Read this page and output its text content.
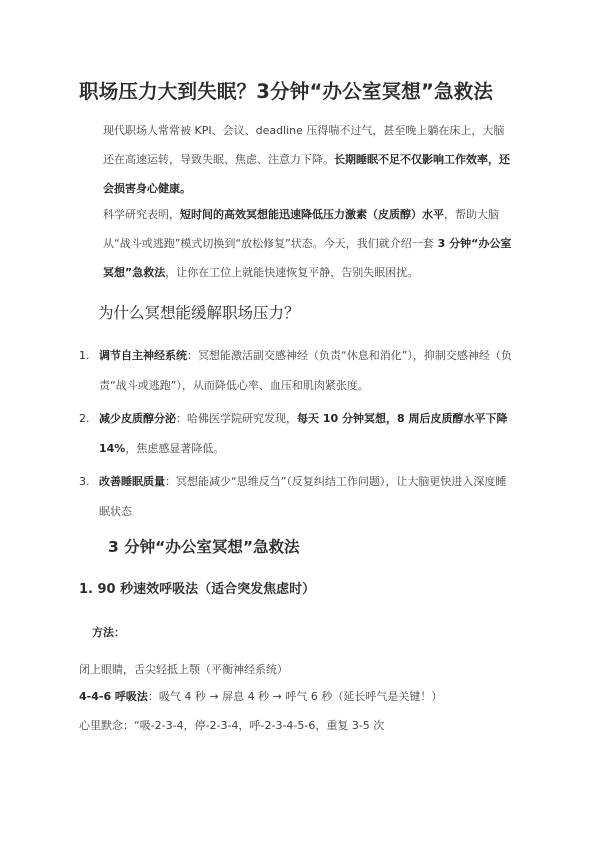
职场压力大到失眠？3分钟“办公室冥想”急救法

现代职场人常常被 KPI、会议、deadline 压得喘不过气，甚至晚上躺在床上，大脑还在高速运转，导致失眠、焦虑、注意力下降。长期睡眠不足不仅影响工作效率，还会损害身心健康。

科学研究表明，短时间的高效冥想能迅速降低压力激素（皮质醇）水平，帮助大脑从“战斗或逃跑”模式切换到“放松修复”状态。今天，我们就介绍一套 3 分钟“办公室冥想”急救法，让你在工位上就能快速恢复平静，告别失眠困扰。

为什么冥想能缓解职场压力？
1. 调节自主神经系统：冥想能激活副交感神经（负责“休息和消化”），抑制交感神经（负责“战斗或逃跑”），从而降低心率、血压和肌肉紧张度。
2. 减少皮质醇分泌：哈佛医学院研究发现，每天 10 分钟冥想，8 周后皮质醇水平下降 14%，焦虑感显著降低。
3. 改善睡眠质量：冥想能减少“思维反刍”（反复纠结工作问题），让大脑更快进入深度睡眠状态
3 分钟“办公室冥想”急救法
1. 90 秒速效呼吸法（适合突发焦虑时）
方法：
闭上眼睛，舌尖轻抵上颚（平衡神经系统）
4-4-6 呼吸法：吸气 4 秒 → 屏息 4 秒 → 呼气 6 秒（延长呼气是关键！）
心里默念：“吸-2-3-4，停-2-3-4，呼-2-3-4-5-6，重复 3-5 次
